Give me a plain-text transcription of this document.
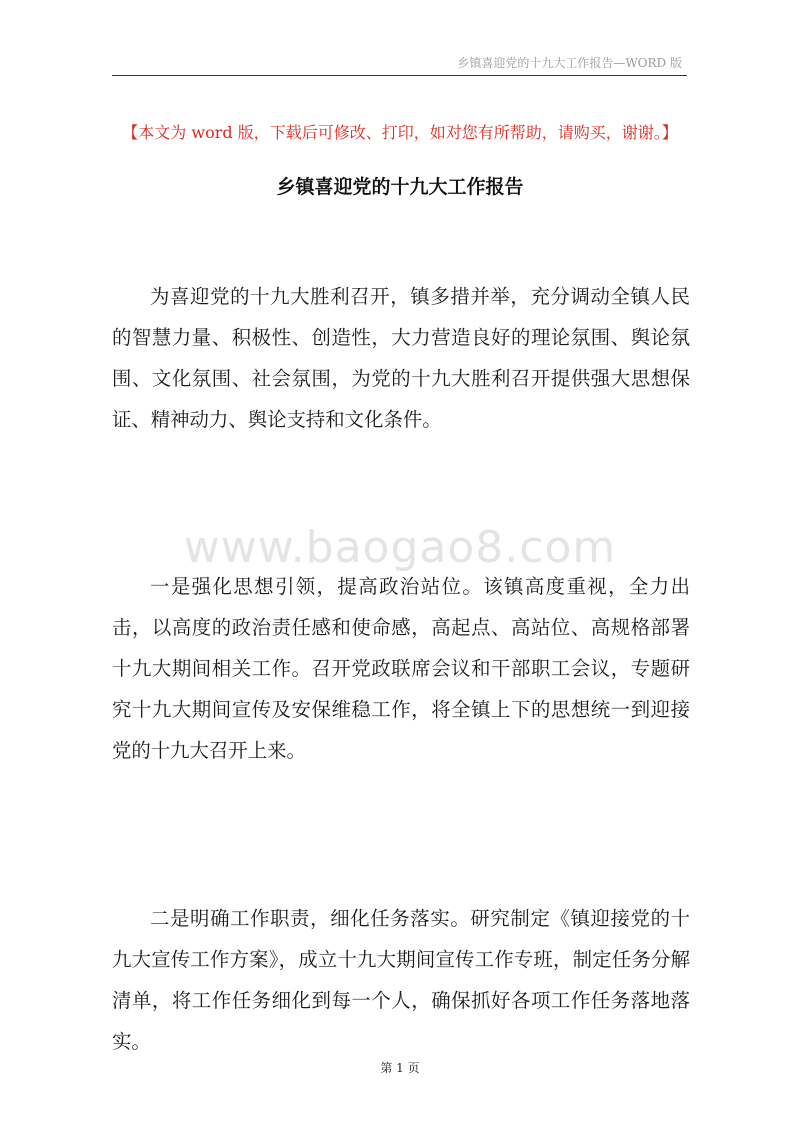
乡镇喜迎党的十九大工作报告—WORD 版
【本文为 word 版，下载后可修改、打印，如对您有所帮助，请购买，谢谢。】
乡镇喜迎党的十九大工作报告

为喜迎党的十九大胜利召开，镇多措并举，充分调动全镇人民的智慧力量、积极性、创造性，大力营造良好的理论氛围、舆论氛围、文化氛围、社会氛围，为党的十九大胜利召开提供强大思想保证、精神动力、舆论支持和文化条件。

www.baogao8.com

一是强化思想引领，提高政治站位。该镇高度重视，全力出击，以高度的政治责任感和使命感，高起点、高站位、高规格部署十九大期间相关工作。召开党政联席会议和干部职工会议，专题研究十九大期间宣传及安保维稳工作，将全镇上下的思想统一到迎接党的十九大召开上来。

二是明确工作职责，细化任务落实。研究制定《镇迎接党的十九大宣传工作方案》，成立十九大期间宣传工作专班，制定任务分解清单，将工作任务细化到每一个人，确保抓好各项工作任务落地落实。

第 1 页
